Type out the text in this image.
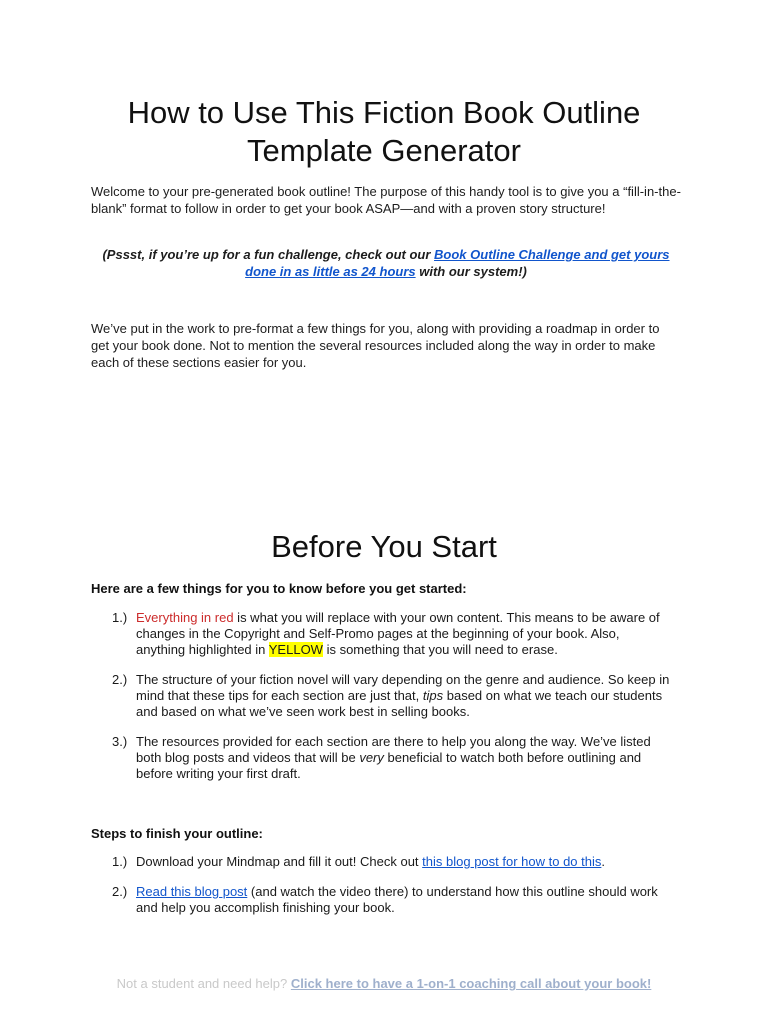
How to Use This Fiction Book Outline
Template Generator

Welcome to your pre-generated book outline! The purpose of this handy tool is to give you a “fill-in-the-blank” format to follow in order to get your book ASAP—and with a proven story structure!

(Pssst, if you’re up for a fun challenge, check out our Book Outline Challenge and get yours done in as little as 24 hours with our system!)

We’ve put in the work to pre-format a few things for you, along with providing a roadmap in order to get your book done. Not to mention the several resources included along the way in order to make each of these sections easier for you.

Before You Start

Here are a few things for you to know before you get started:

1.) Everything in red is what you will replace with your own content. This means to be aware of changes in the Copyright and Self-Promo pages at the beginning of your book. Also, anything highlighted in YELLOW is something that you will need to erase.
2.) The structure of your fiction novel will vary depending on the genre and audience. So keep in mind that these tips for each section are just that, tips based on what we teach our students and based on what we’ve seen work best in selling books.
3.) The resources provided for each section are there to help you along the way. We’ve listed both blog posts and videos that will be very beneficial to watch both before outlining and before writing your first draft.

Steps to finish your outline:

1.) Download your Mindmap and fill it out! Check out this blog post for how to do this.
2.) Read this blog post (and watch the video there) to understand how this outline should work and help you accomplish finishing your book.

Not a student and need help? Click here to have a 1-on-1 coaching call about your book!
